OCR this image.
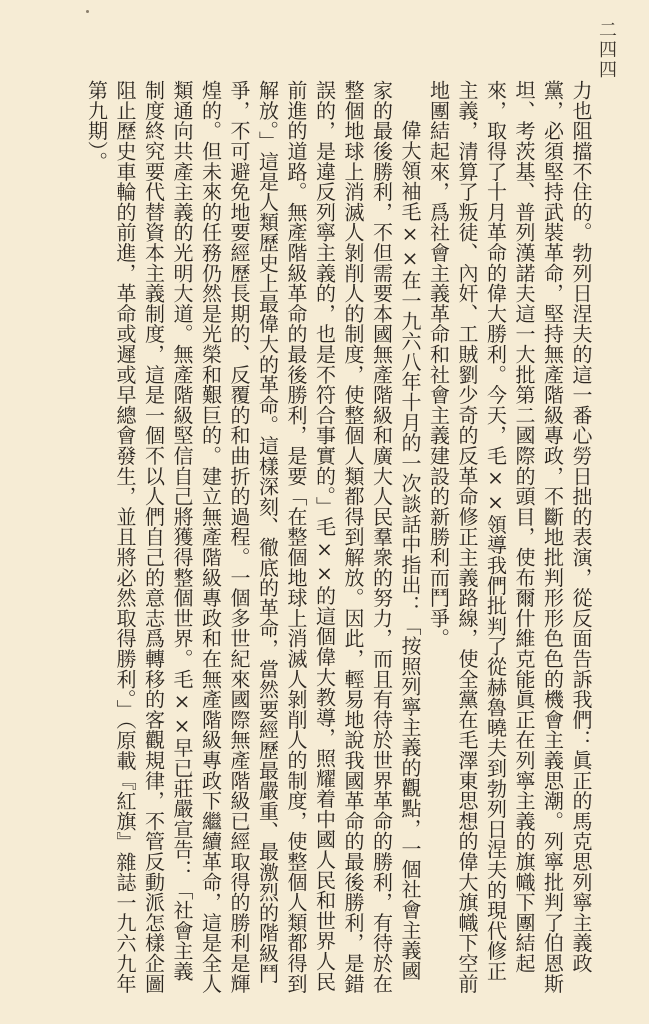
二四四

力也阻擋不住的。勃列日涅夫的這一番心勞日拙的表演，從反面告訴我們：眞正的馬克思列寧主義政黨，必須堅持武裝革命，堅持無產階級專政，不斷地批判形形色色的機會主義思潮。列寧批判了伯恩斯坦、考茨基、普列漢諾夫這一大批第二國際的頭目，使布爾什維克能眞正在列寧主義的旗幟下團結起來，取得了十月革命的偉大勝利。今天，毛××領導我們批判了從赫魯曉夫到勃列日涅夫的現代修正主義，清算了叛徒、內奸、工賊劉少奇的反革命修正主義路線，使全黨在毛澤東思想的偉大旗幟下空前地團結起來，爲社會主義革命和社會主義建設的新勝利而鬥爭。

偉大領袖毛××在一九六八年十月的一次談話中指出：「按照列寧主義的觀點，一個社會主義國家的最後勝利，不但需要本國無產階級和廣大人民羣衆的努力，而且有待於世界革命的勝利，有待於在整個地球上消滅人剝削人的制度，使整個人類都得到解放。因此，輕易地說我國革命的最後勝利，是錯誤的，是違反列寧主義的，也是不符合事實的。」毛××的這個偉大教導，照耀着中國人民和世界人民前進的道路。無產階級革命的最後勝利，是要「在整個地球上消滅人剝削人的制度，使整個人類都得到解放。」這是人類歷史上最偉大的革命。這樣深刻、徹底的革命，當然要經歷最嚴重、最激烈的階級鬥爭，不可避免地要經歷長期的、反覆的和曲折的過程。一個多世紀來國際無產階級已經取得的勝利是輝煌的。但未來的任務仍然是光榮和艱巨的。建立無產階級專政和在無產階級專政下繼續革命，這是全人類通向共產主義的光明大道。無產階級堅信自己將獲得整個世界。毛××早已莊嚴宣告：「社會主義制度終究要代替資本主義制度，這是一個不以人們自己的意志爲轉移的客觀規律，不管反動派怎樣企圖阻止歷史車輪的前進，革命或遲或早總會發生，並且將必然取得勝利。」（原載『紅旗』雜誌一九六九年第九期）。
